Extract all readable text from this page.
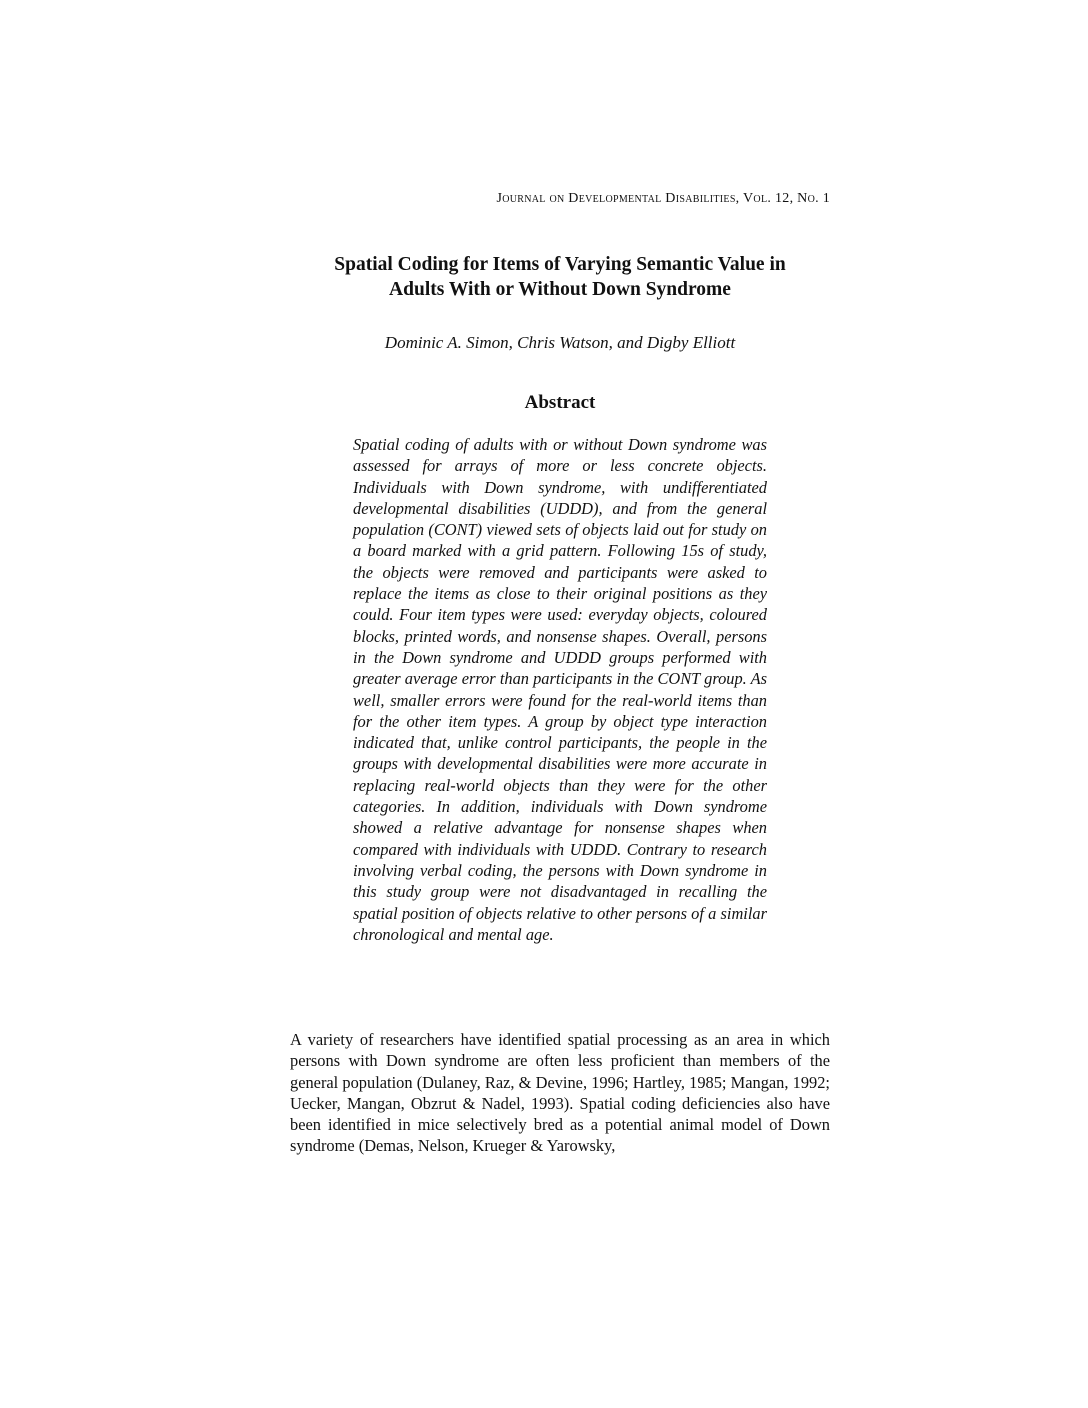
Journal on Developmental Disabilities, Vol. 12, No. 1
Spatial Coding for Items of Varying Semantic Value in
Adults With or Without Down Syndrome

Dominic A. Simon, Chris Watson, and Digby Elliott

Abstract

Spatial coding of adults with or without Down syndrome was assessed for arrays of more or less concrete objects. Individuals with Down syndrome, with undifferentiated developmental disabilities (UDDD), and from the general population (CONT) viewed sets of objects laid out for study on a board marked with a grid pattern. Following 15s of study, the objects were removed and participants were asked to replace the items as close to their original positions as they could. Four item types were used: everyday objects, coloured blocks, printed words, and nonsense shapes. Overall, persons in the Down syndrome and UDDD groups performed with greater average error than participants in the CONT group. As well, smaller errors were found for the real-world items than for the other item types. A group by object type interaction indicated that, unlike control participants, the people in the groups with developmental disabilities were more accurate in replacing real-world objects than they were for the other categories. In addition, individuals with Down syndrome showed a relative advantage for nonsense shapes when compared with individuals with UDDD. Contrary to research involving verbal coding, the persons with Down syndrome in this study group were not disadvantaged in recalling the spatial position of objects relative to other persons of a similar chronological and mental age.

A variety of researchers have identified spatial processing as an area in which persons with Down syndrome are often less proficient than members of the general population (Dulaney, Raz, & Devine, 1996; Hartley, 1985; Mangan, 1992; Uecker, Mangan, Obzrut & Nadel, 1993). Spatial coding deficiencies also have been identified in mice selectively bred as a potential animal model of Down syndrome (Demas, Nelson, Krueger & Yarowsky,
